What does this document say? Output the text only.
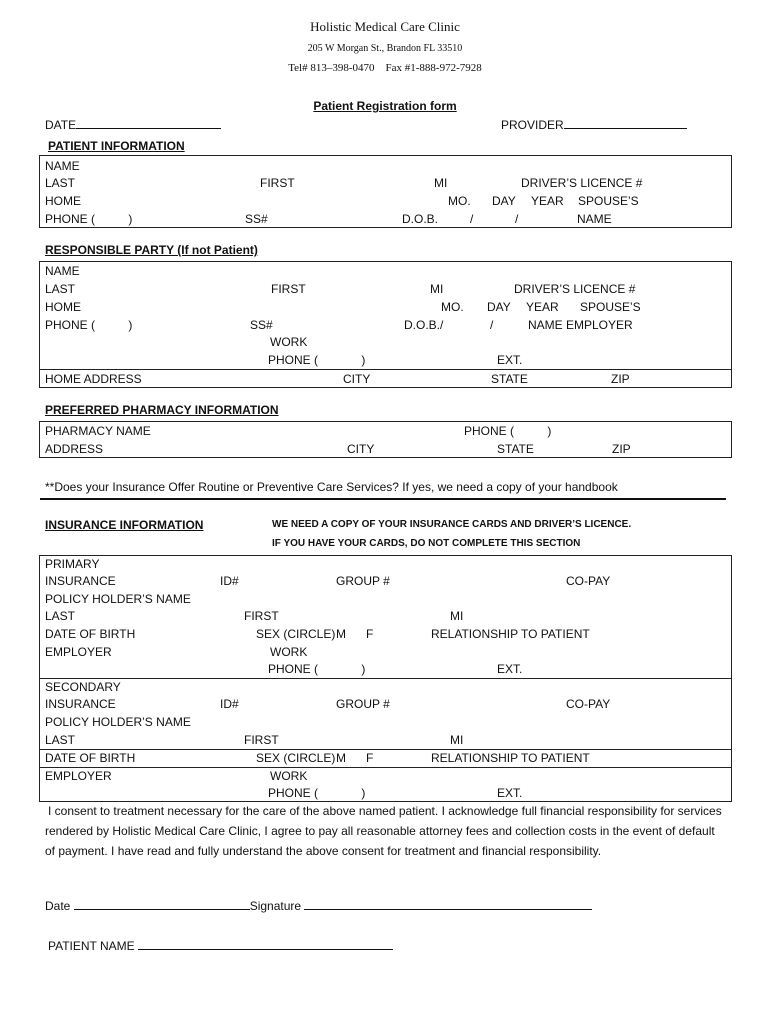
Holistic Medical Care Clinic
205 W Morgan St., Brandon FL 33510
Tel# 813–398-0470    Fax #1-888-972-7928
Patient Registration form
DATE	PROVIDER
PATIENT INFORMATION
NAME
LAST	FIRST	MI	DRIVER’S LICENCE #
HOME	MO. DAY YEAR SPOUSE’S
PHONE (          )	SS#	D.O.B.	/	/	NAME
RESPONSIBLE PARTY (If not Patient)
NAME
LAST	FIRST	MI	DRIVER’S LICENCE #
HOME	MO. DAY YEAR SPOUSE’S
PHONE (          )	SS#	D.O.B./	/	NAME EMPLOYER
WORK
PHONE (             )	EXT.
HOME ADDRESS	CITY	STATE	ZIP
PREFERRED PHARMACY INFORMATION
PHARMACY NAME	PHONE (          )
ADDRESS	CITY	STATE	ZIP
**Does your Insurance Offer Routine or Preventive Care Services? If yes, we need a copy of your handbook
INSURANCE INFORMATION	WE NEED A COPY OF YOUR INSURANCE CARDS AND DRIVER’S LICENCE.
IF YOU HAVE YOUR CARDS, DO NOT COMPLETE THIS SECTION
PRIMARY
INSURANCE	ID#	GROUP #	CO-PAY
POLICY HOLDER’S NAME
LAST	FIRST	MI
DATE OF BIRTH	SEX (CIRCLE) M F	RELATIONSHIP TO PATIENT
EMPLOYER	WORK
PHONE (             )	EXT.
SECONDARY
INSURANCE	ID#	GROUP #	CO-PAY
POLICY HOLDER’S NAME
LAST	FIRST	MI
DATE OF BIRTH	SEX (CIRCLE) M F	RELATIONSHIP TO PATIENT
EMPLOYER	WORK
PHONE (             )	EXT.
I consent to treatment necessary for the care of the above named patient. I acknowledge full financial responsibility for services rendered by Holistic Medical Care Clinic, I agree to pay all reasonable attorney fees and collection costs in the event of default of payment. I have read and fully understand the above consent for treatment and financial responsibility.
Date	Signature
PATIENT NAME
